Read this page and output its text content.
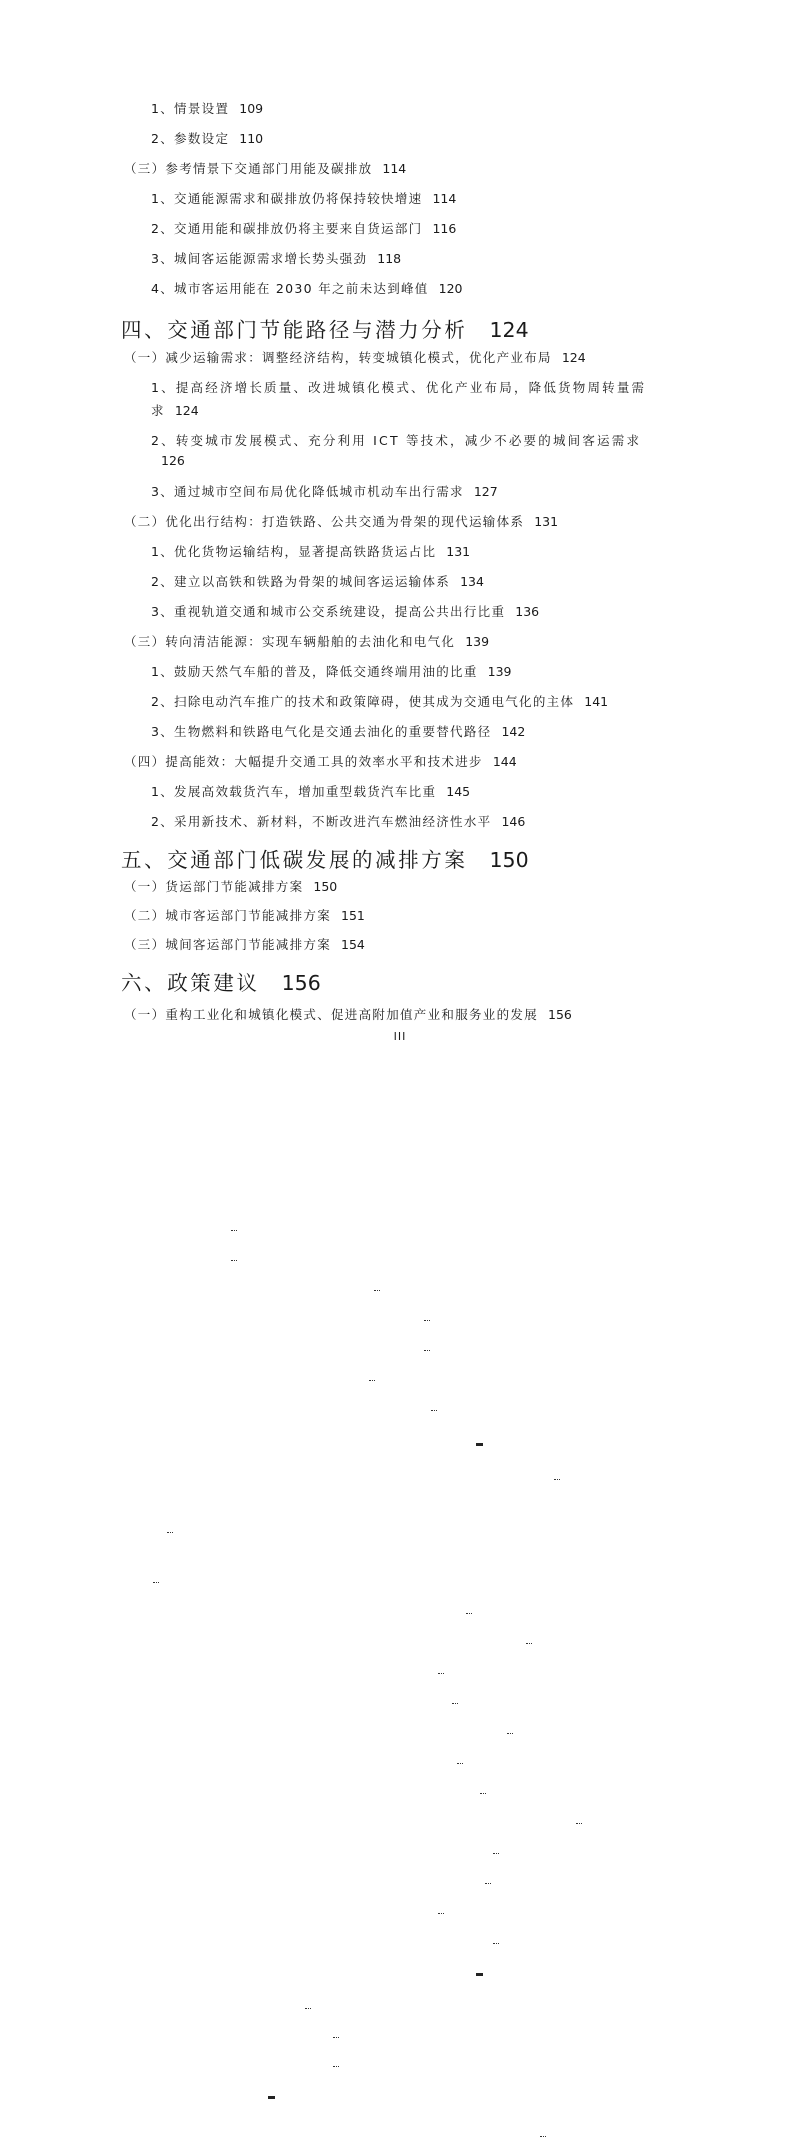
1、情景设置 109
2、参数设定 110
（三）参考情景下交通部门用能及碳排放 114
1、交通能源需求和碳排放仍将保持较快增速 114
2、交通用能和碳排放仍将主要来自货运部门 116
3、城间客运能源需求增长势头强劲 118
4、城市客运用能在 2030 年之前未达到峰值 120
四、交通部门节能路径与潜力分析 124
（一）减少运输需求：调整经济结构，转变城镇化模式，优化产业布局 124
1、提高经济增长质量、改进城镇化模式、优化产业布局，降低货物周转量需
求 124
2、转变城市发展模式、充分利用 ICT 等技术，减少不必要的城间客运需求
126
3、通过城市空间布局优化降低城市机动车出行需求 127
（二）优化出行结构：打造铁路、公共交通为骨架的现代运输体系 131
1、优化货物运输结构，显著提高铁路货运占比 131
2、建立以高铁和铁路为骨架的城间客运运输体系 134
3、重视轨道交通和城市公交系统建设，提高公共出行比重 136
（三）转向清洁能源：实现车辆船舶的去油化和电气化 139
1、鼓励天然气车船的普及，降低交通终端用油的比重 139
2、扫除电动汽车推广的技术和政策障碍，使其成为交通电气化的主体 141
3、生物燃料和铁路电气化是交通去油化的重要替代路径 142
（四）提高能效：大幅提升交通工具的效率水平和技术进步 144
1、发展高效载货汽车，增加重型载货汽车比重 145
2、采用新技术、新材料，不断改进汽车燃油经济性水平 146
五、交通部门低碳发展的减排方案 150
（一）货运部门节能减排方案 150
（二）城市客运部门节能减排方案 151
（三）城间客运部门节能减排方案 154
六、政策建议 156
（一）重构工业化和城镇化模式、促进高附加值产业和服务业的发展 156
III
